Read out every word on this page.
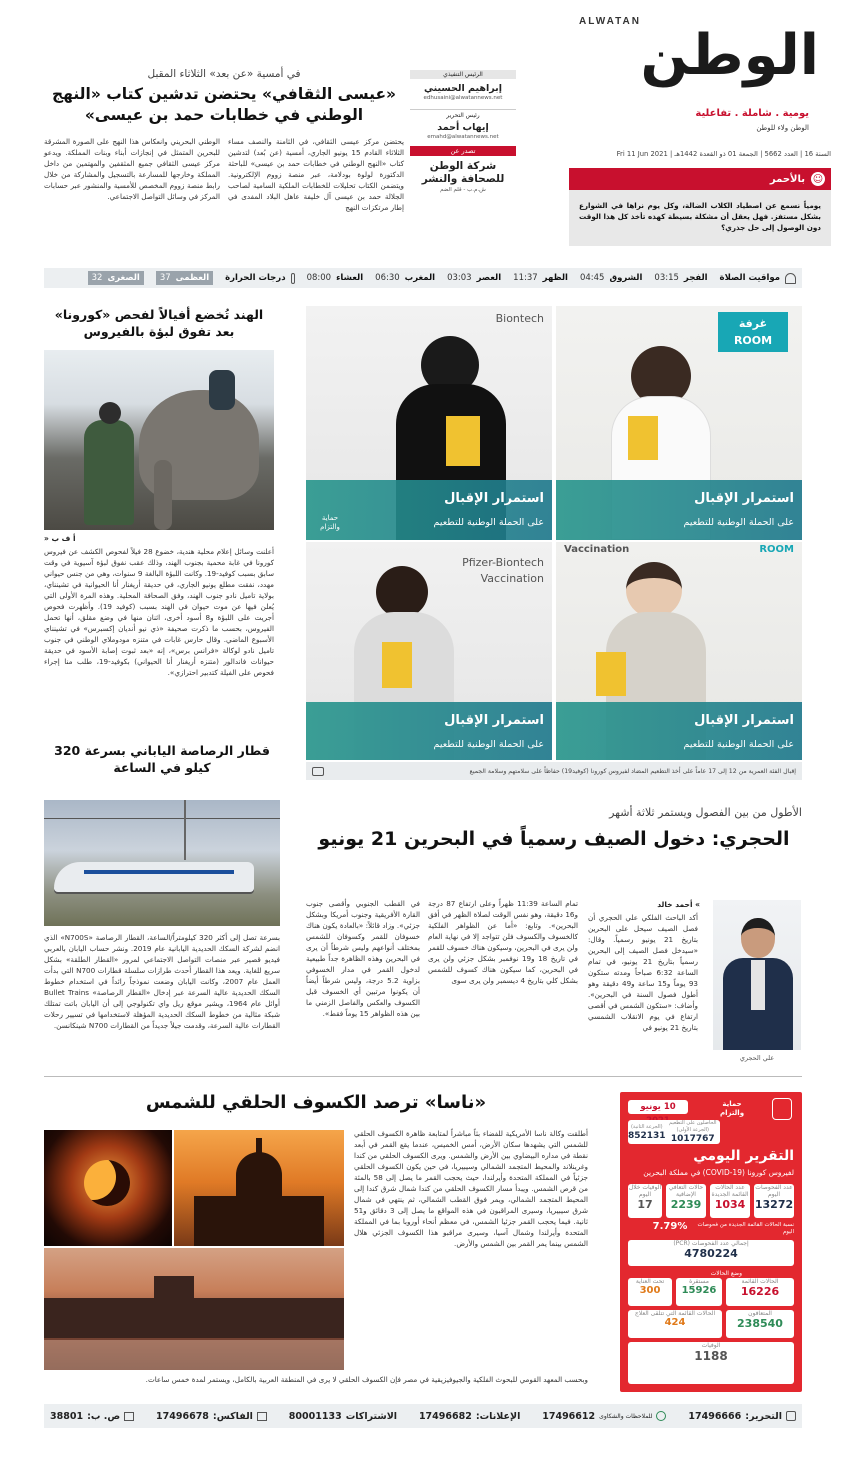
ALWATAN
الوطن
يومية . شاملة . تفاعلية
الوطن ولاء للوطن
السنة 16 | العدد 5662 | الجمعة 01 ذو القعدة 1442هـ | Fri 11 Jun 2021
الرئيس التنفيذي
إبراهيم الحسيني
edhusaini@alwatannews.net
رئيس التحرير
إيهاب أحمد
emahd@alwatannews.net
تصدر عن
شركة الوطن للصحافة والنشر
ش.م.ب - قلم الضم
☺
بالأحمر
يومياً نسمع عن اصطياد الكلاب الضالة، وكل يوم نراها في الشوارع بشكل مستفز. فهل يعقل أن مشكلة بسيطة كهذه تأخذ كل هذا الوقت دون الوصول إلى حل جذري؟
في أمسية «عن بعد» الثلاثاء المقبل
«عيسى الثقافي» يحتضن تدشين كتاب «النهج الوطني في خطابات حمد بن عيسى»
يحتضن مركز عيسى الثقافي، في الثامنة والنصف مساء الثلاثاء القادم 15 يونيو الجاري، أمسية (عن بُعد) لتدشين كتاب «النهج الوطني في خطابات حمد بن عيسى» للباحثة الدكتورة لولوة بودلامة، عبر منصة زووم الإلكترونية. ويتضمن الكتاب تحليلات للخطابات الملكية السامية لصاحب الجلالة حمد بن عيسى آل خليفة عاهل البلاد المفدى في إطار مرتكزات النهج
الوطني البحريني وانعكاس هذا النهج على الصورة المشرقة للبحرين المتمثل في إنجازات أبناء وبنات المملكة. ويدعو مركز عيسى الثقافي جميع المثقفين والمهتمين من داخل المملكة وخارجها للمسارعة بالتسجيل والمشاركة من خلال رابط منصة زووم المخصص للأمسية والمنشور عبر حسابات المركز في وسائل التواصل الاجتماعي.
مواقيت الصلاة
الفجر
03:15
الشروق
04:45
الظهر
11:37
العصر
03:03
المغرب
06:30
العشاء
08:00
درجات الحرارة
العظمى
37
الصغرى
32
الهند تُخضع أفيالاً لفحص «كورونا» بعد تفوق لبؤة بالفيروس
» أ ف ب
أعلنت وسائل إعلام محلية هندية، خضوع 28 فيلاً لفحوص الكشف عن فيروس كورونا في غابة محمية بجنوب الهند، وذلك عقب نفوق لبؤة آسيوية في وقت سابق بسبب كوفيد-19. وكانت اللبؤة البالغة 9 سنوات، وهي من جنس حيواني مهدد، نفقت مطلع يونيو الجاري، في حديقة أريغنار أنا الحيوانية في تشينناي، بولاية تاميل نادو جنوب الهند، وفق الصحافة المحلية. وهذه المرة الأولى التي يُعلن فيها عن موت حيوان في الهند بسبب (كوفيد 19). وأظهرت فحوص أجريت على اللبؤة و8 أسود أخرى، اثنان منها في وضع مقلق، أنها تحمل الفيروس، بحسب ما ذكرت صحيفة «ذي نيو أنديان إكسبرس» في تشينناي الأسبوع الماضي. وقال حارس غابات في متنزه مودوملاي الوطني في جنوب تاميل نادو لوكالة «فرانس برس»، إنه «بعد ثبوت إصابة الأسود في حديقة حيوانات فاندالور (متنزه أريغنار أنا الحيواني) بكوفيد-19، طلب منا إجراء فحوص على الفيلة كتدبير احترازي».
غرفة
ROOM
استمرار الإقبال
على الحملة الوطنية للتطعيم
Biontech
استمرار الإقبال
على الحملة الوطنية للتطعيم
حماية والتزام
Vaccination	ROOM
استمرار الإقبال
على الحملة الوطنية للتطعيم
Pfizer-Biontech
Vaccination
استمرار الإقبال
على الحملة الوطنية للتطعيم
إقبال الفئة العمرية من 12 إلى 17 عاماً على أخذ التطعيم المضاد لفيروس كورونا (كوفيد19) حفاظاً على سلامتهم وسلامة الجميع
قطار الرصاصة الياباني بسرعة 320 كيلو في الساعة
بسرعة تصل إلى أكثر 320 كيلومتراً/الساعة، القطار الرصاصة «N700S» الذي انضم لشركة السكك الحديدية اليابانية عام 2019. ونشر حساب اليابان بالعربي فيديو قصير عبر منصات التواصل الاجتماعي لمرور «القطار الطلقة» بشكل سريع للغاية. ويعد هذا القطار أحدث طرازات سلسلة قطارات N700 التي بدأت العمل عام 2007، وكانت اليابان وضعت نموذجاً رائداً في استخدام خطوط السكك الحديدية عالية السرعة عبر إدخال «القطار الرصاصة» Bullet Trains أوائل عام 1964، ويشير موقع ريل واي تكنولوجي إلى أن اليابان باتت تمتلك شبكة مثالية من خطوط السكك الحديدية المؤهلة لاستخدامها في تسيير رحلات القطارات عالية السرعة، وقدمت جيلاً جديداً من القطارات N700 شينكانسن.
الأطول من بين الفصول ويستمر ثلاثة أشهر
الحجري: دخول الصيف رسمياً في البحرين 21 يونيو
علي الحجري
» أحمد خالد
أكد الباحث الفلكي علي الحجري أن فصل الصيف سيحل على البحرين بتاريخ 21 يونيو رسمياً. وقال: «سيدخل فصل الصيف إلى البحرين رسمياً بتاريخ 21 يونيو، في تمام الساعة 6:32 صباحاً ومدته ستكون 93 يوماً و15 ساعة و49 دقيقة وهو أطول فصول السنة في البحرين». وأضاف: «ستكون الشمس في أقصى ارتفاع في يوم الانقلاب الشمسي بتاريخ 21 يونيو في
تمام الساعة 11:39 ظهراً وعلى ارتفاع 87 درجة و16 دقيقة، وهو نفس الوقت لصلاة الظهر في أفق البحرين». وتابع: «أما عن الظواهر الفلكية كالخسوف والكسوف فلن تتواجد إلا في نهاية العام ولن يرى في البحرين، وسيكون هناك خسوف للقمر في تاريخ 18 و19 نوفمبر بشكل جزئي ولن يرى في البحرين، كما سيكون هناك كسوف للشمس بشكل كلي بتاريخ 4 ديسمبر ولن يرى سوى
في القطب الجنوبي وأقصى جنوب القارة الأفريقية وجنوب أمريكا وبشكل جزئي». وزاد قائلاً: «بالعادة يكون هناك خسوفان للقمر وكسوفان للشمس بمختلف أنواعهم وليس شرطاً أن يرى في البحرين وهذه الظاهرة جداً طبيعية لدخول القمر في مدار الخسوفي بزاوية 5.2 درجة، وليس شرطاً أيضاً أن يكونوا مرتبين أي الخسوف قبل الكسوف والعكس والفاصل الزمني ما بين هذه الظواهر 15 يوماً فقط».
«ناسا» ترصد الكسوف الحلقي للشمس
أطلقت وكالة ناسا الأمريكية للفضاء بثاً مباشراً لمتابعة ظاهرة الكسوف الحلقي للشمس التي يشهدها سكان الأرض، أمس الخميس، عندما يقع القمر في أبعد نقطة في مداره البيضاوي بين الأرض والشمس. ويرى الكسوف الحلقي من كندا وغرينلاند والمحيط المتجمد الشمالي وسيبيريا، في حين يكون الكسوف الحلقي جزئياً في المملكة المتحدة وأيرلندا، حيث يحجب القمر ما يصل إلى 58 بالمئة من قرص الشمس. ويبدأ مسار الكسوف الحلقي من كندا شمال شرق كندا إلى المحيط المتجمد الشمالي، ويمر فوق القطب الشمالي، ثم ينتهي في شمال شرق سيبيريا، وسيرى المراقبون في هذه المواقع ما يصل إلى 3 دقائق و51 ثانية. فيما يحجب القمر جزئيا الشمس، في معظم أنحاء أوروبا بما في المملكة المتحدة وأيرلندا وشمال آسيا، وسيرى مراقبو هذا الكسوف الجزئي هلال الشمس بينما يمر القمر بين الشمس والأرض.
وبحسب المعهد القومي للبحوث الفلكية والجيوفيزيقية في مصر فإن الكسوف الحلقي لا يرى في المنطقة العربية بالكامل، ويستمر لمدة خمس ساعات.
10 يونيو	حماية والتزام
الحاصلون على التطعيم (الجرعة الأولى)
1017767
(الجرعة الثانية)
852131
التقرير اليومي
لفيروس كورونا (COVID-19) في مملكة البحرين
عدد الفحوصات اليوم
13272
عدد الحالات القائمة الجديدة
1034
حالات التعافي الإضافية
2239
الوفيات خلال اليوم
17
نسبة الحالات القائمة الجديدة من فحوصات اليوم
7.79%
إجمالي عدد الفحوصات (PCR)
4780224
وضع الحالات
الحالات القائمة
16226
مستقرة
15926
تحت العناية
300
المتعافون
238540
الحالات القائمة التي تتلقى العلاج
424
الوفيات
1188
التحرير:
17496666
للملاحظات والشكاوى
17496612
الإعلانات:
17496682
الاشتراكات
80001133
الفاكس:
17496678
ص. ب:
38801
